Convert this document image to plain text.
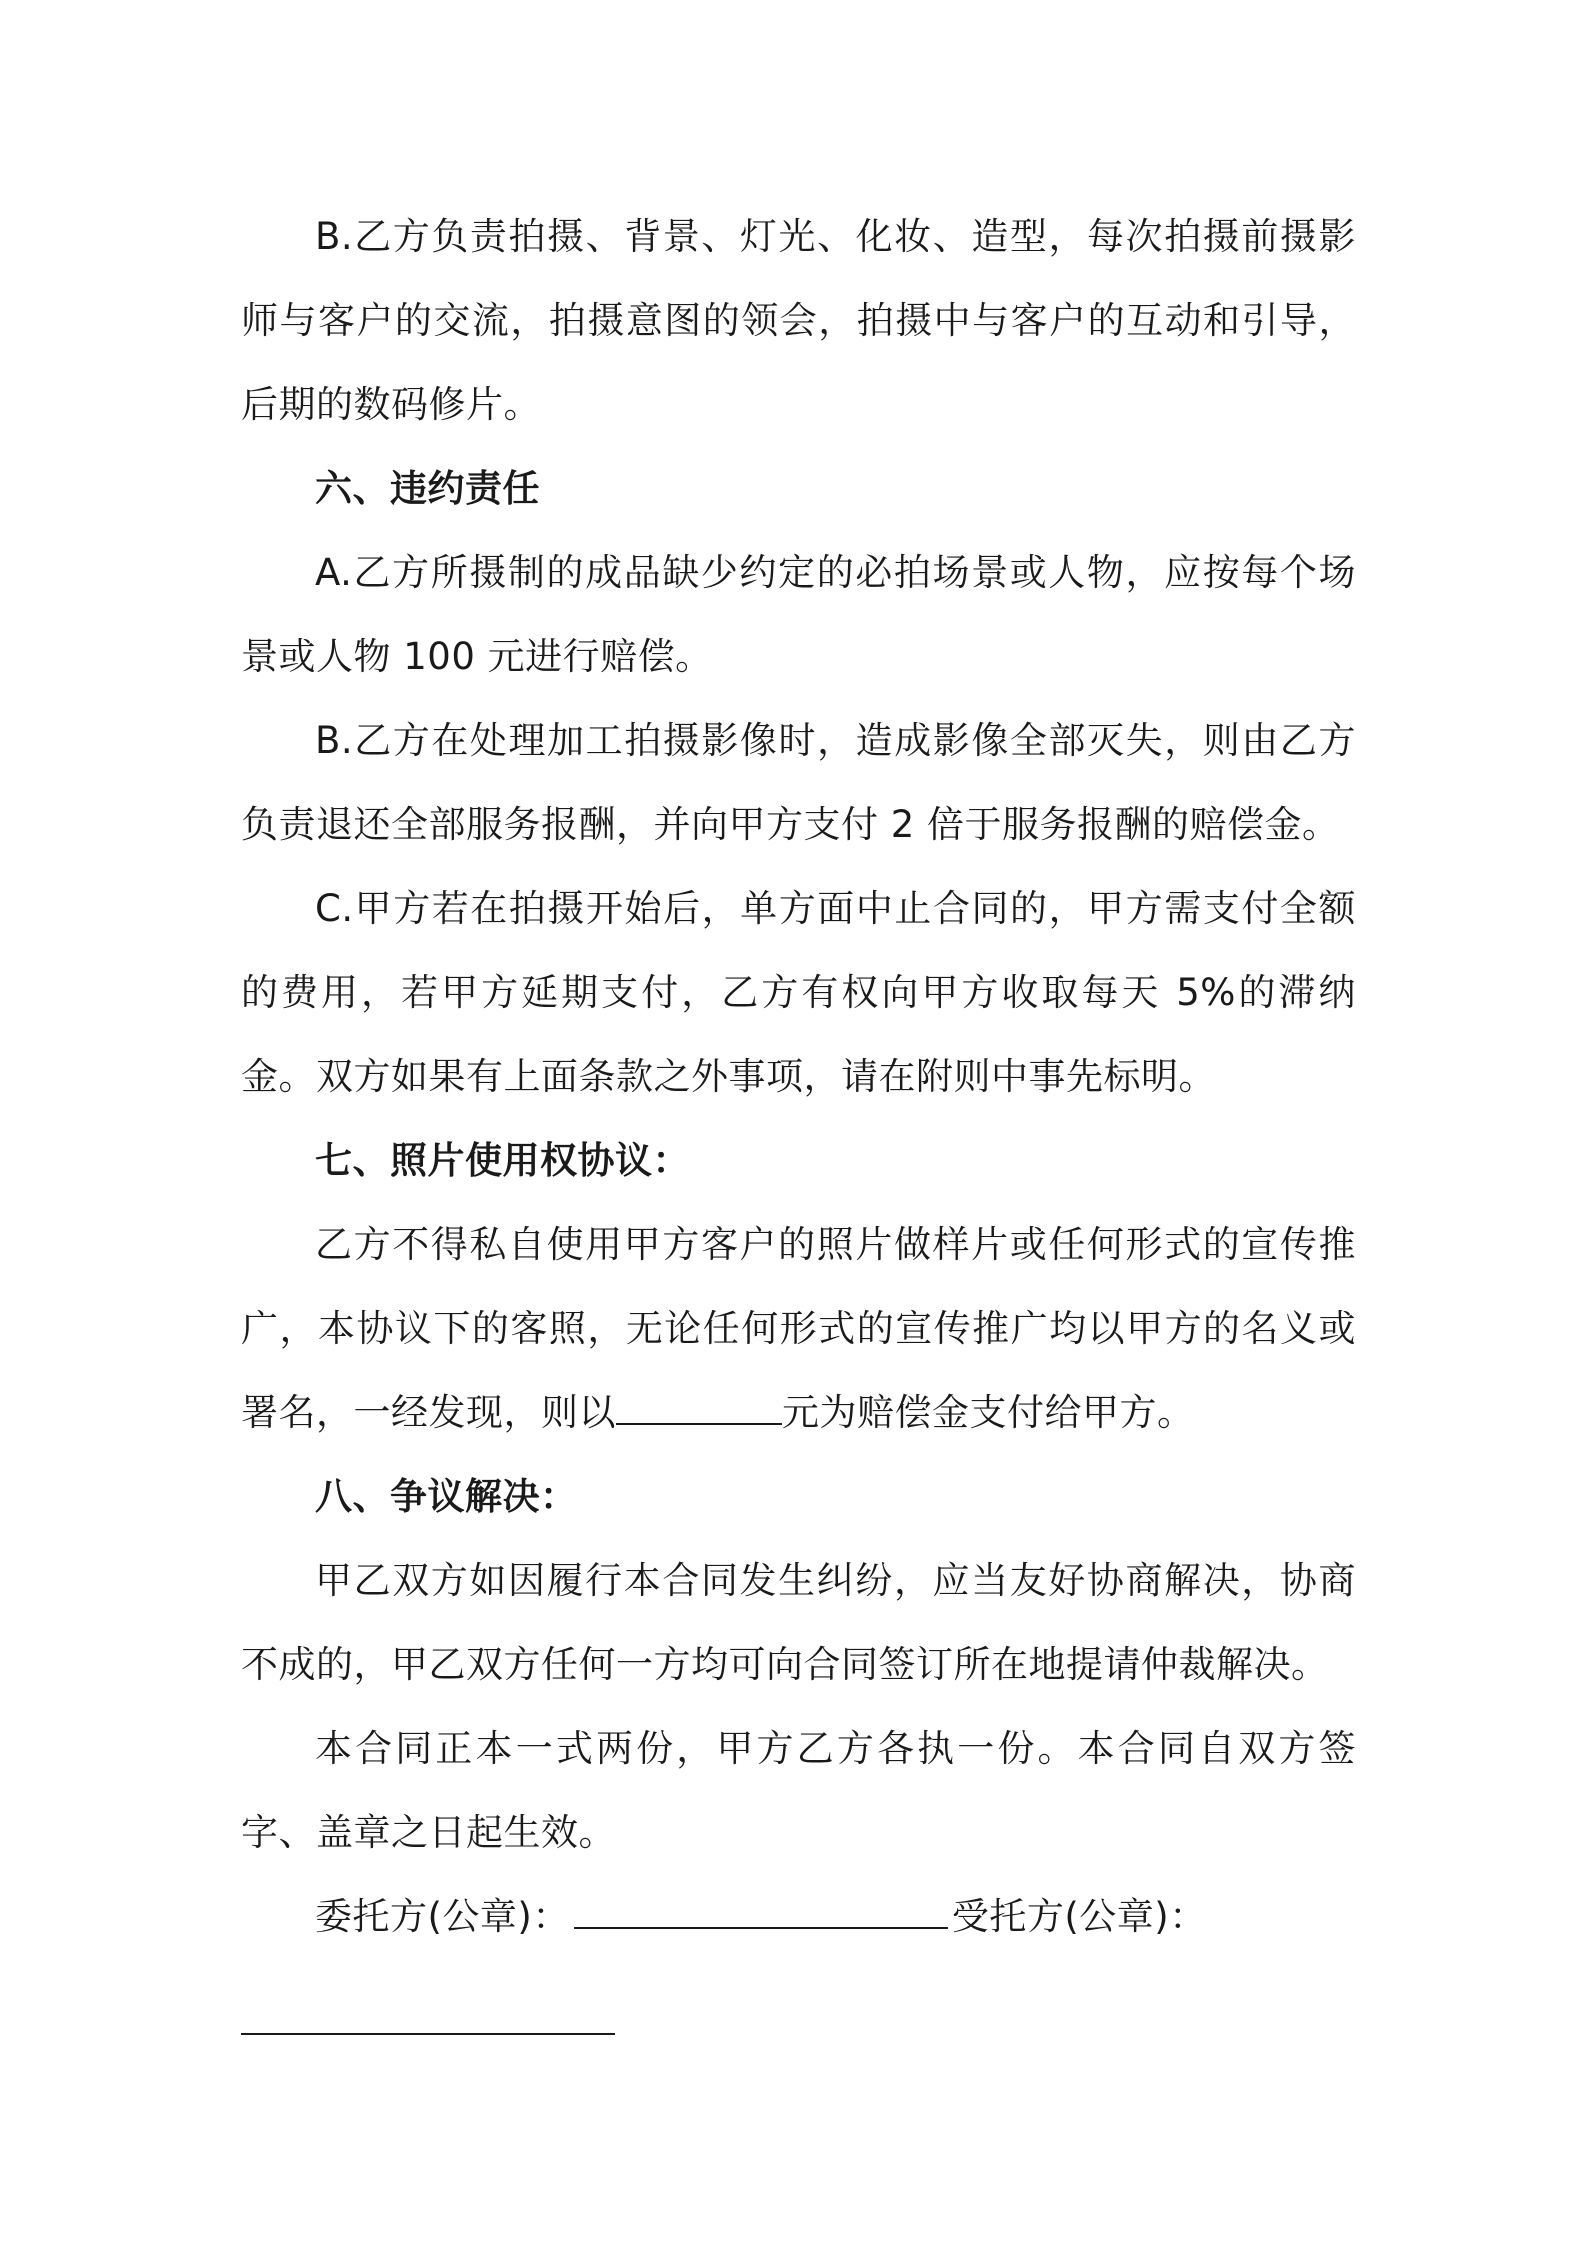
B.乙方负责拍摄、背景、灯光、化妆、造型，每次拍摄前摄影师与客户的交流，拍摄意图的领会，拍摄中与客户的互动和引导，后期的数码修片。

六、违约责任

A.乙方所摄制的成品缺少约定的必拍场景或人物，应按每个场景或人物 100 元进行赔偿。

B.乙方在处理加工拍摄影像时，造成影像全部灭失，则由乙方负责退还全部服务报酬，并向甲方支付 2 倍于服务报酬的赔偿金。

C.甲方若在拍摄开始后，单方面中止合同的，甲方需支付全额的费用，若甲方延期支付，乙方有权向甲方收取每天 5%的滞纳金。双方如果有上面条款之外事项，请在附则中事先标明。

七、照片使用权协议：

乙方不得私自使用甲方客户的照片做样片或任何形式的宣传推广，本协议下的客照，无论任何形式的宣传推广均以甲方的名义或署名，一经发现，则以	元为赔偿金支付给甲方。

八、争议解决：

甲乙双方如因履行本合同发生纠纷，应当友好协商解决，协商不成的，甲乙双方任何一方均可向合同签订所在地提请仲裁解决。

本合同正本一式两份，甲方乙方各执一份。本合同自双方签字、盖章之日起生效。

委托方(公章)：	受托方(公章)：
